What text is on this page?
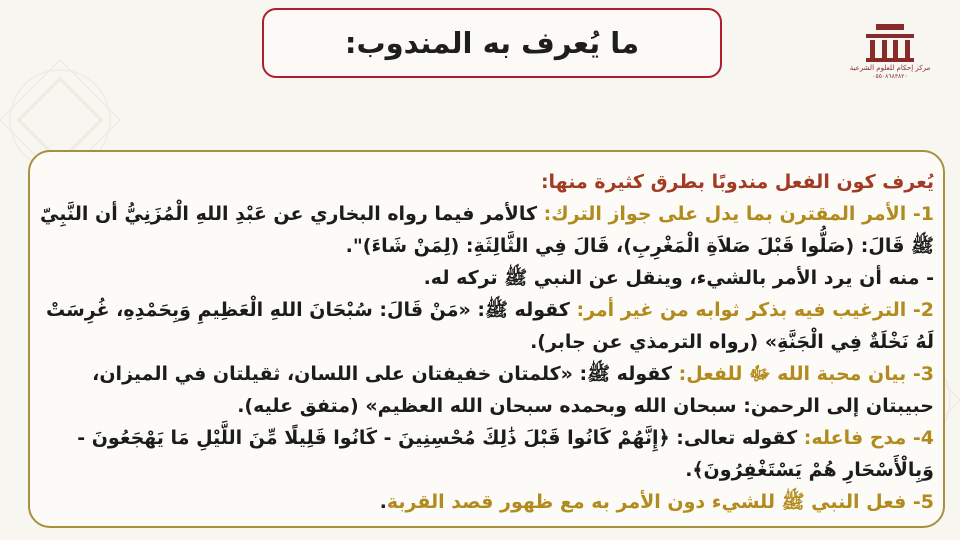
ما يُعرف به المندوب:
مركز إحكام للعلوم الشرعية
٠٥٥٠٨٦٨٣٨٢٠

يُعرف كون الفعل مندوبًا بطرق كثيرة منها:

1- الأمر المقترن بما يدل على جواز الترك: كالأمر فيما رواه البخاري عن عَبْدِ اللهِ الْمُزَنِيُّ أن النَّبِيّ ﷺ قَالَ: (صَلُّوا قَبْلَ صَلاَةِ الْمَغْرِبِ)، قَالَ فِي الثَّالِثَةِ: (لِمَنْ شَاءَ)".

- منه أن يرد الأمر بالشيء، وينقل عن النبي ﷺ تركه له.

2- الترغيب فيه بذكر ثوابه من غير أمر: كقوله ﷺ: «مَنْ قَالَ: سُبْحَانَ اللهِ الْعَظِيمِ وَبِحَمْدِهِ، غُرِسَتْ لَهُ نَخْلَةٌ فِي الْجَنَّةِ» (رواه الترمذي عن جابر).

3- بيان محبة الله ﷻ للفعل: كقوله ﷺ: «كلمتان خفيفتان على اللسان، ثقيلتان في الميزان، حبيبتان إلى الرحمن: سبحان الله وبحمده سبحان الله العظيم» (متفق عليه).

4- مدح فاعله: كقوله تعالى: ﴿إِنَّهُمْ كَانُوا قَبْلَ ذَٰلِكَ مُحْسِنِينَ - كَانُوا قَلِيلًا مِّنَ اللَّيْلِ مَا يَهْجَعُونَ - وَبِالْأَسْحَارِ هُمْ يَسْتَغْفِرُونَ﴾.

5- فعل النبي ﷺ للشيء دون الأمر به مع ظهور قصد القربة.
